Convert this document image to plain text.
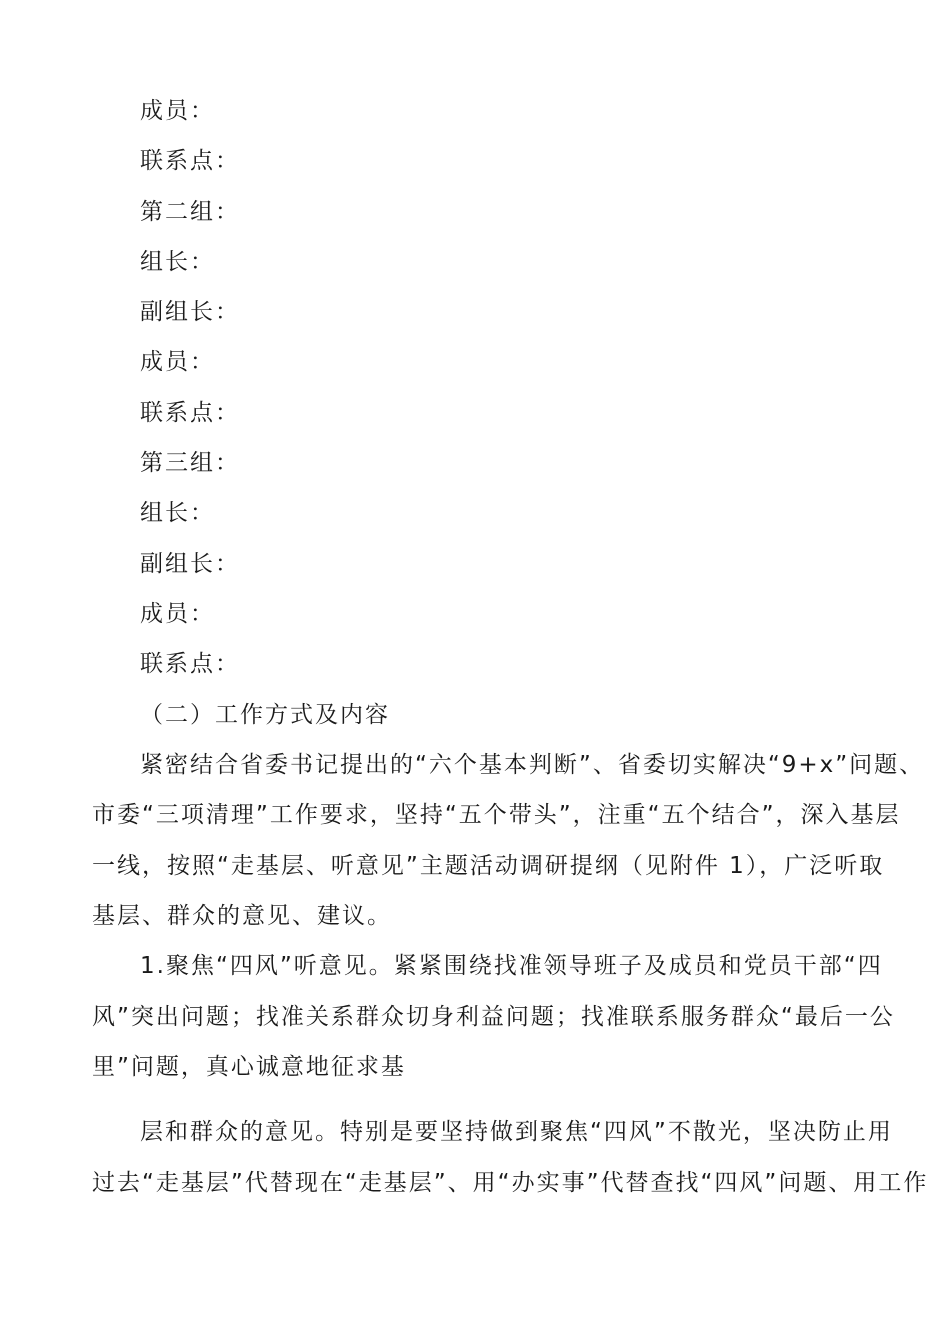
成员：
联系点：
第二组：
组长：
副组长：
成员：
联系点：
第三组：
组长：
副组长：
成员：
联系点：
（二）工作方式及内容
紧密结合省委书记提出的“六个基本判断”、省委切实解决“9+x”问题、
市委“三项清理”工作要求，坚持“五个带头”，注重“五个结合”，深入基层
一线，按照“走基层、听意见”主题活动调研提纲（见附件 1），广泛听取
基层、群众的意见、建议。
1.聚焦“四风”听意见。紧紧围绕找准领导班子及成员和党员干部“四
风”突出问题；找准关系群众切身利益问题；找准联系服务群众“最后一公
里”问题，真心诚意地征求基
层和群众的意见。特别是要坚持做到聚焦“四风”不散光，坚决防止用
过去“走基层”代替现在“走基层”、用“办实事”代替查找“四风”问题、用工作
